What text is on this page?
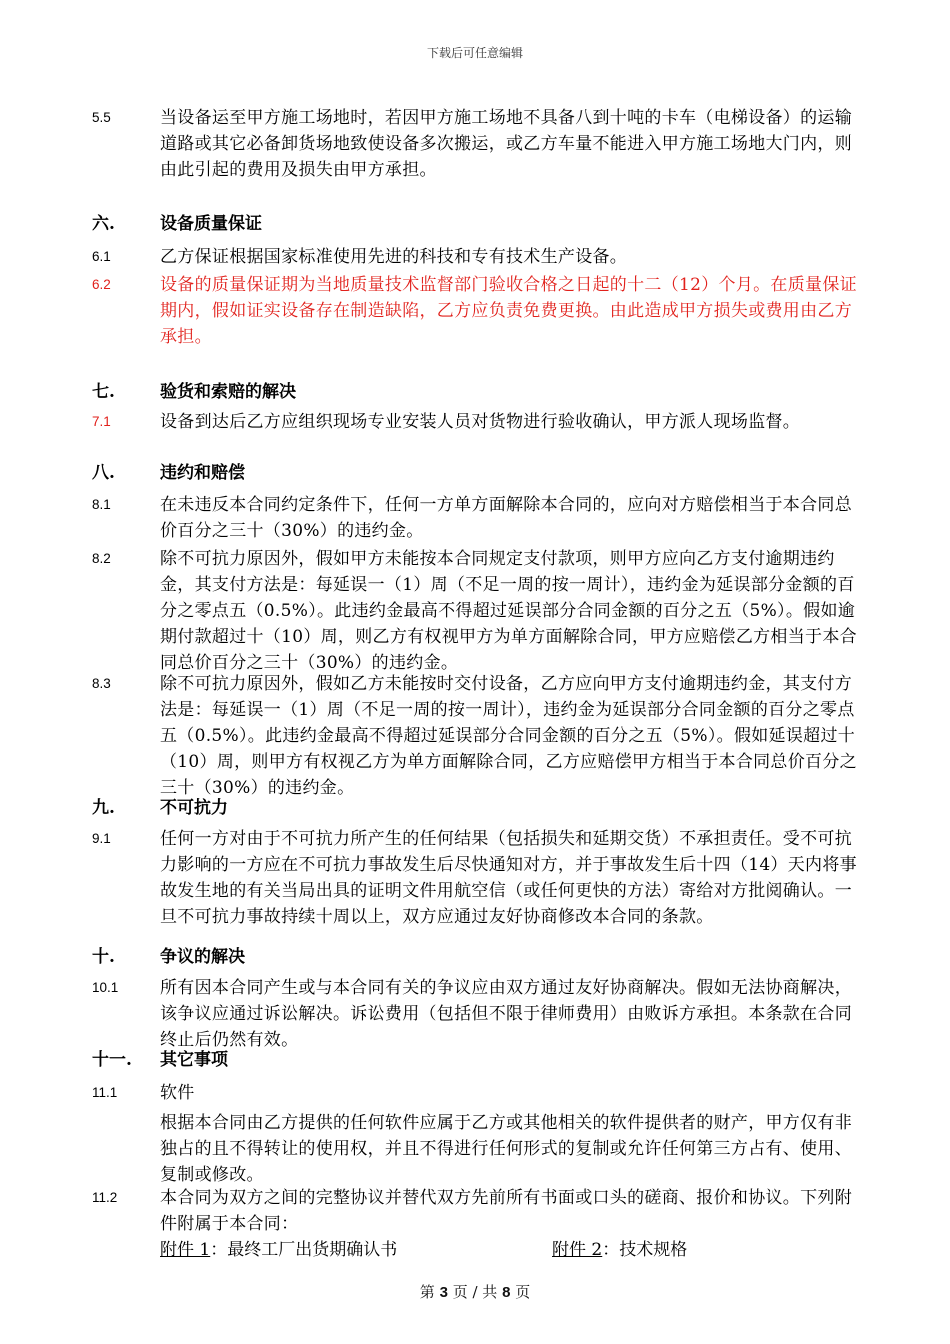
下载后可任意编辑
5.5	当设备运至甲方施工场地时，若因甲方施工场地不具备八到十吨的卡车（电梯设备）的运输道路或其它必备卸货场地致使设备多次搬运，或乙方车量不能进入甲方施工场地大门内，则由此引起的费用及损失由甲方承担。
六.	设备质量保证
6.1	乙方保证根据国家标准使用先进的科技和专有技术生产设备。
6.2	设备的质量保证期为当地质量技术监督部门验收合格之日起的十二（12）个月。在质量保证期内，假如证实设备存在制造缺陷，乙方应负责免费更换。由此造成甲方损失或费用由乙方承担。
七.	验货和索赔的解决
7.1	设备到达后乙方应组织现场专业安装人员对货物进行验收确认，甲方派人现场监督。
八.	违约和赔偿
8.1	在未违反本合同约定条件下，任何一方单方面解除本合同的，应向对方赔偿相当于本合同总价百分之三十（30%）的违约金。
8.2	除不可抗力原因外，假如甲方未能按本合同规定支付款项，则甲方应向乙方支付逾期违约金，其支付方法是：每延误一（1）周（不足一周的按一周计），违约金为延误部分金额的百分之零点五（0.5%）。此违约金最高不得超过延误部分合同金额的百分之五（5%）。假如逾期付款超过十（10）周，则乙方有权视甲方为单方面解除合同，甲方应赔偿乙方相当于本合同总价百分之三十（30%）的违约金。
8.3	除不可抗力原因外，假如乙方未能按时交付设备，乙方应向甲方支付逾期违约金，其支付方法是：每延误一（1）周（不足一周的按一周计），违约金为延误部分合同金额的百分之零点五（0.5%）。此违约金最高不得超过延误部分合同金额的百分之五（5%）。假如延误超过十（10）周，则甲方有权视乙方为单方面解除合同，乙方应赔偿甲方相当于本合同总价百分之三十（30%）的违约金。
九.	不可抗力
9.1	任何一方对由于不可抗力所产生的任何结果（包括损失和延期交货）不承担责任。受不可抗力影响的一方应在不可抗力事故发生后尽快通知对方，并于事故发生后十四（14）天内将事故发生地的有关当局出具的证明文件用航空信（或任何更快的方法）寄给对方批阅确认。一旦不可抗力事故持续十周以上，双方应通过友好协商修改本合同的条款。
十.	争议的解决
10.1 所有因本合同产生或与本合同有关的争议应由双方通过友好协商解决。假如无法协商解决，该争议应通过诉讼解决。诉讼费用（包括但不限于律师费用）由败诉方承担。本条款在合同终止后仍然有效。
十一. 其它事项
11.1	软件
根据本合同由乙方提供的任何软件应属于乙方或其他相关的软件提供者的财产，甲方仅有非独占的且不得转让的使用权，并且不得进行任何形式的复制或允许任何第三方占有、使用、复制或修改。
11.2	本合同为双方之间的完整协议并替代双方先前所有书面或口头的磋商、报价和协议。下列附件附属于本合同：
附件 1：最终工厂出货期确认书	附件 2：技术规格
第 3 页 / 共 8 页
